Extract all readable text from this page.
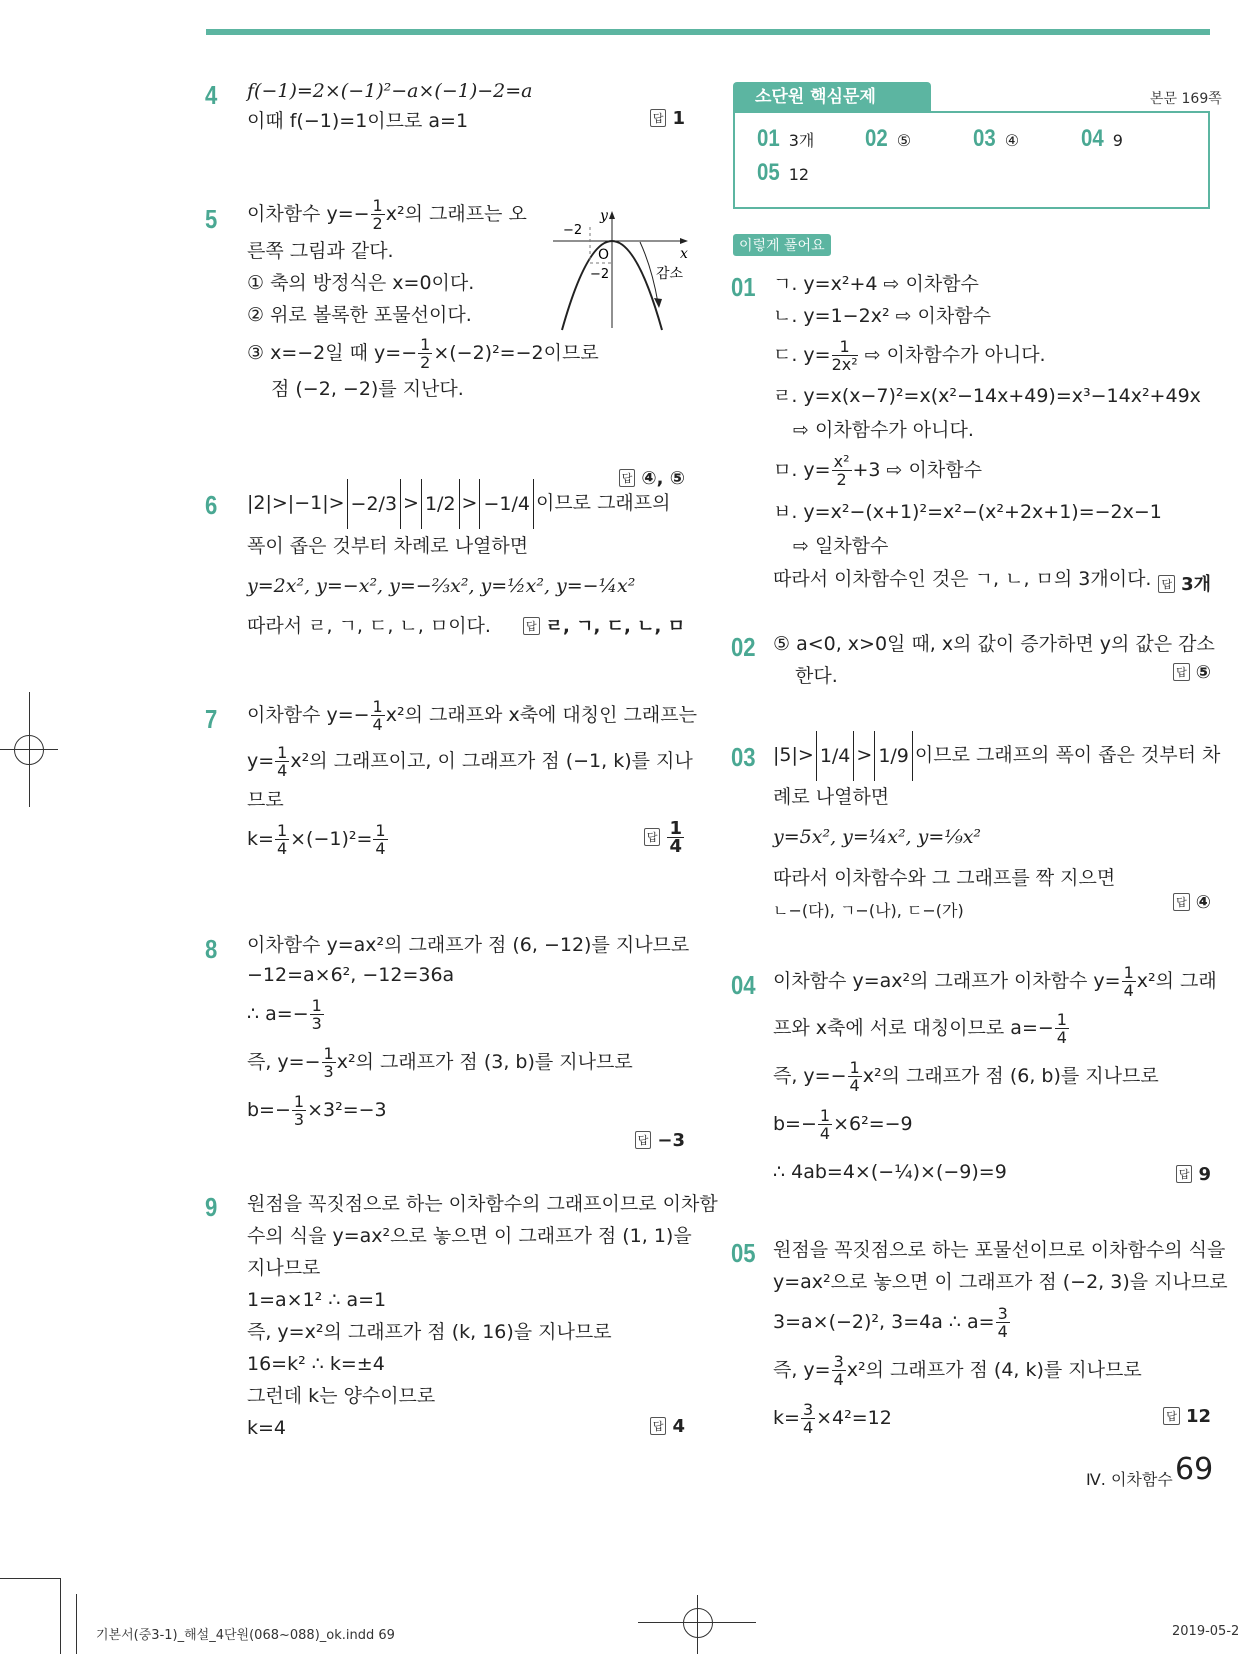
4 f(−1)=2×(−1)²−a×(−1)−2=a
이때 f(−1)=1이므로 a=1	답 1
5 이차함수 $y=- \frac{1}{2} x^2$의 그래프는 오
른쪽 그림과 같다.
① 축의 방정식은 x=0이다.
② 위로 볼록한 포물선이다.
③ x=−2일 때 $y=- \frac{1}{2} \times(-2)^2=-2$이므로
점 (−2, −2)를 지난다.
답 ④, ⑤
6 |2|>|−1|> −2/3 > 1/2 > −1/4 이므로 그래프의
폭이 좁은 것부터 차례로 나열하면
y=2x², y=−x², y=−⅔x², y=½x², y=−¼x²
따라서 ㄹ, ㄱ, ㄷ, ㄴ, ㅁ이다.	답 ㄹ, ㄱ, ㄷ, ㄴ, ㅁ
7 이차함수 $y=- \frac{1}{4} x^2$의 그래프와 x축에 대칭인 그래프는
$y= \frac{1}{4} x^2$의 그래프이고, 이 그래프가 점 (−1, k)를 지나
므로
$k= \frac{1}{4} \times(-1)^2= \frac{1}{4}$	답 $\frac{1}{4}$
8 이차함수 y=ax²의 그래프가 점 (6, −12)를 지나므로
−12=a×6², −12=36a
∴ $a=- \frac{1}{3}$
즉, $y=- \frac{1}{3} x^2$의 그래프가 점 (3, b)를 지나므로
$b=- \frac{1}{3} \times 3^2=-3$
답 −3
9 원점을 꼭짓점으로 하는 이차함수의 그래프이므로 이차함
수의 식을 y=ax²으로 놓으면 이 그래프가 점 (1, 1)을
지나므로
1=a×1² ∴ a=1
즉, y=x²의 그래프가 점 (k, 16)을 지나므로
16=k² ∴ k=±4
그런데 k는 양수이므로
k=4	답 4
y
x
O
−2
−2	감소
소단원 핵심문제	본문 169쪽
01 3개 02 ⑤	03 ④	04 9
05 12
이렇게 풀어요
01 ㄱ. y=x²+4 ⇨ 이차함수
ㄴ. y=1−2x² ⇨ 이차함수
ㄷ. $y= \frac{1}{\text{2x²}}$ ⇨ 이차함수가 아니다.
ㄹ. y=x(x−7)²=x(x²−14x+49)=x³−14x²+49x
⇨ 이차함수가 아니다.
ㅁ. $y= \frac{\text{x²}}{2} +3$ ⇨ 이차함수
ㅂ. y=x²−(x+1)²=x²−(x²+2x+1)=−2x−1
⇨ 일차함수
따라서 이차함수인 것은 ㄱ, ㄴ, ㅁ의 3개이다. 답 3개
02 ⑤ a<0, x>0일 때, x의 값이 증가하면 y의 값은 감소
한다.	답 ⑤
03 |5|> 1/4 > 1/9 이므로 그래프의 폭이 좁은 것부터 차
례로 나열하면
y=5x², y=¼x², y=⅑x²
따라서 이차함수와 그 그래프를 짝 지으면
ㄴ−(다), ㄱ−(나), ㄷ−(가)	답 ④
04 이차함수 y=ax²의 그래프가 이차함수 $y= \frac{1}{4} x^2$의 그래
프와 x축에 서로 대칭이므로 $a=- \frac{1}{4}$
즉, $y=- \frac{1}{4} x^2$의 그래프가 점 (6, b)를 지나므로
$b=- \frac{1}{4} \times 6^2=-9$
∴ 4ab=4×(−¼)×(−9)=9	답 9
05 원점을 꼭짓점으로 하는 포물선이므로 이차함수의 식을
y=ax²으로 놓으면 이 그래프가 점 (−2, 3)을 지나므로
3=a×(−2)², 3=4a ∴ $a= \frac{3}{4}$
즉, $y= \frac{3}{4} x^2$의 그래프가 점 (4, k)를 지나므로
$k= \frac{3}{4} \times 4^2=12$	답 12
Ⅳ. 이차함수 69
기본서(중3-1)_해설_4단원(068~088)_ok.indd 69	2019-05-2
